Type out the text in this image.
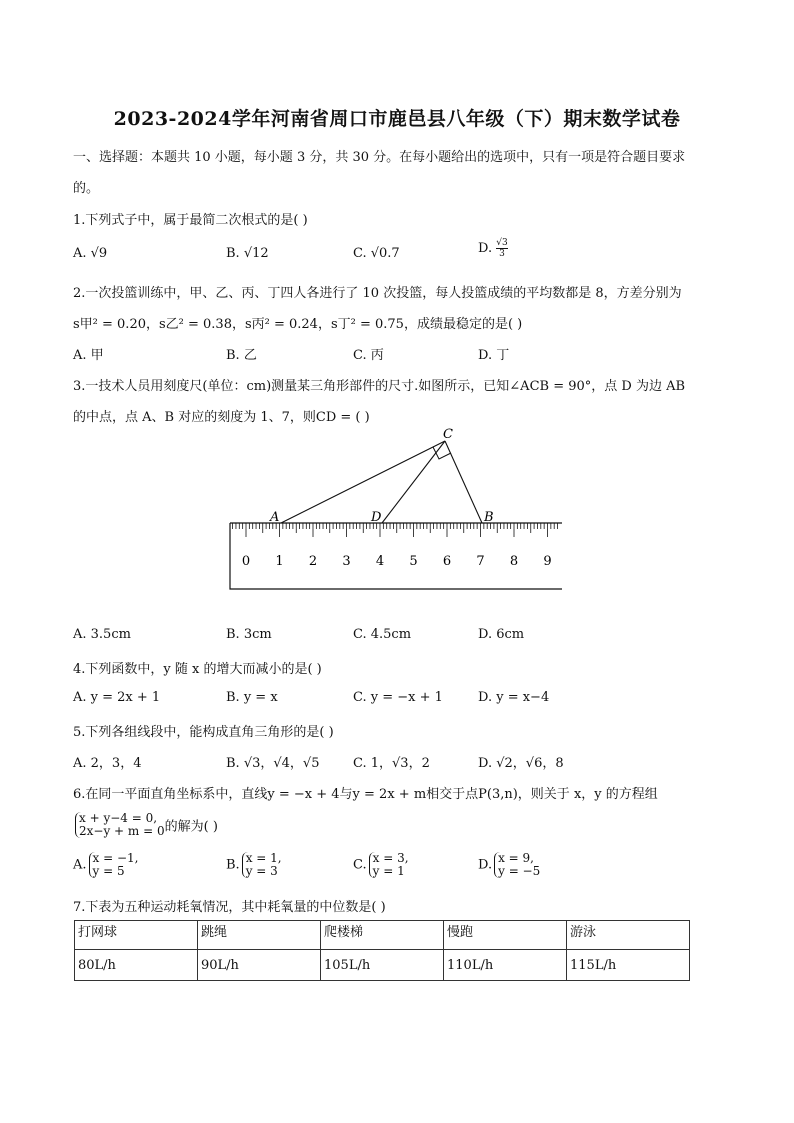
2023-2024学年河南省周口市鹿邑县八年级（下）期末数学试卷
一、选择题：本题共 10 小题，每小题 3 分，共 30 分。在每小题给出的选项中，只有一项是符合题目要求
的。
1.下列式子中，属于最简二次根式的是( )
A. √9	B. √12	C. √0.7	D. $\frac{√3}{3}$
2.一次投篮训练中，甲、乙、丙、丁四人各进行了 10 次投篮，每人投篮成绩的平均数都是 8，方差分别为
s甲² = 0.20，s乙² = 0.38，s丙² = 0.24，s丁² = 0.75，成绩最稳定的是( )
A. 甲	B. 乙	C. 丙	D. 丁
3.一技术人员用刻度尺(单位：cm)测量某三角形部件的尺寸.如图所示，已知∠ACB = 90°，点 D 为边 AB
的中点，点 A、B 对应的刻度为 1、7，则CD = ( )
0 1 2 3 4 5 6 7 8 9
A	D	B
C
A. 3.5cm	B. 3cm	C. 4.5cm	D. 6cm
4.下列函数中，y 随 x 的增大而减小的是( )
A. y = 2x + 1	B. y = x	C. y = −x + 1	D. y = x−4
5.下列各组线段中，能构成直角三角形的是( )
A. 2，3，4	B. √3，√4，√5	C. 1，√3，2	D. √2，√6，8
6.在同一平面直角坐标系中，直线y = −x + 4与y = 2x + m相交于点P(3,n)，则关于 x，y 的方程组
x + y−4 = 0,
2x−y + m = 0 的解为( )
A. x = −1,
y = 5	B. x = 1,
y = 3	C. x = 3,
y = 1	D. x = 9,
y = −5
7.下表为五种运动耗氧情况，其中耗氧量的中位数是( )
打网球	跳绳	爬楼梯	慢跑	游泳
80L/h	90L/h	105L/h	110L/h	115L/h
